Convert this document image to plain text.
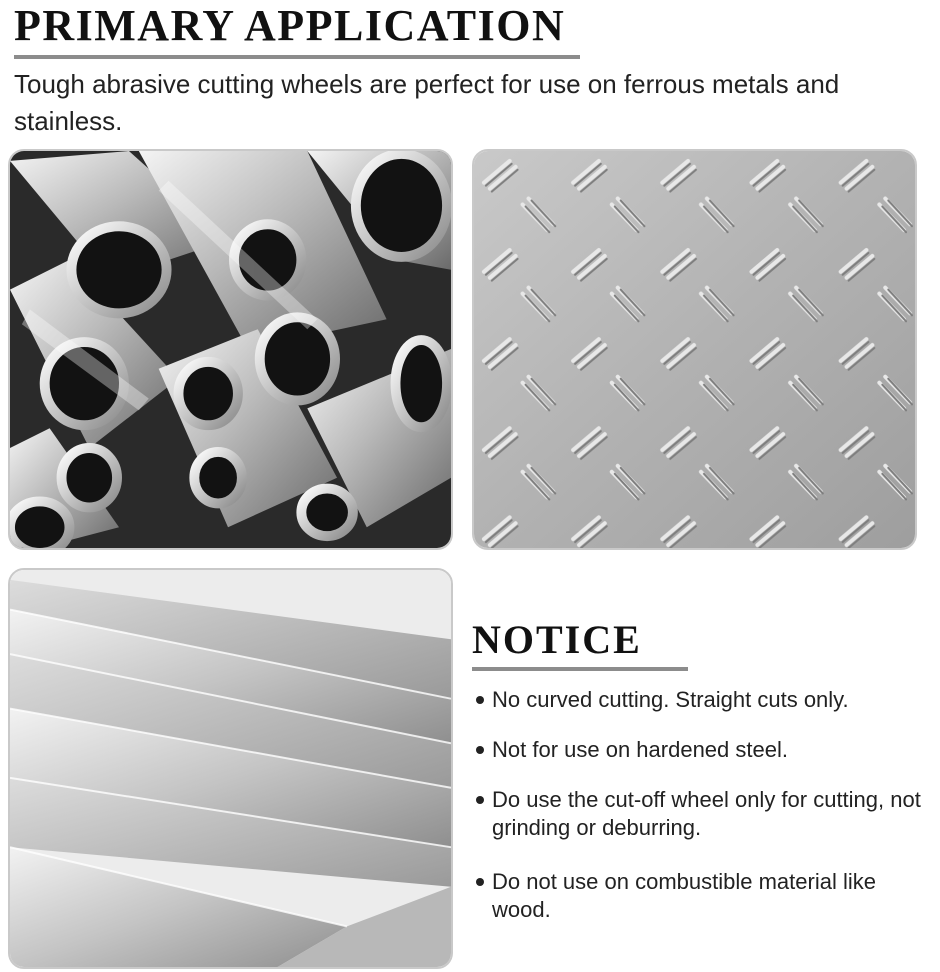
PRIMARY APPLICATION

Tough abrasive cutting wheels are perfect for use on ferrous metals and stainless.

NOTICE
No curved cutting. Straight cuts only.
Not for use on hardened steel.
Do use the cut-off wheel only for cutting, not grinding or deburring.
Do not use on combustible material like wood.
